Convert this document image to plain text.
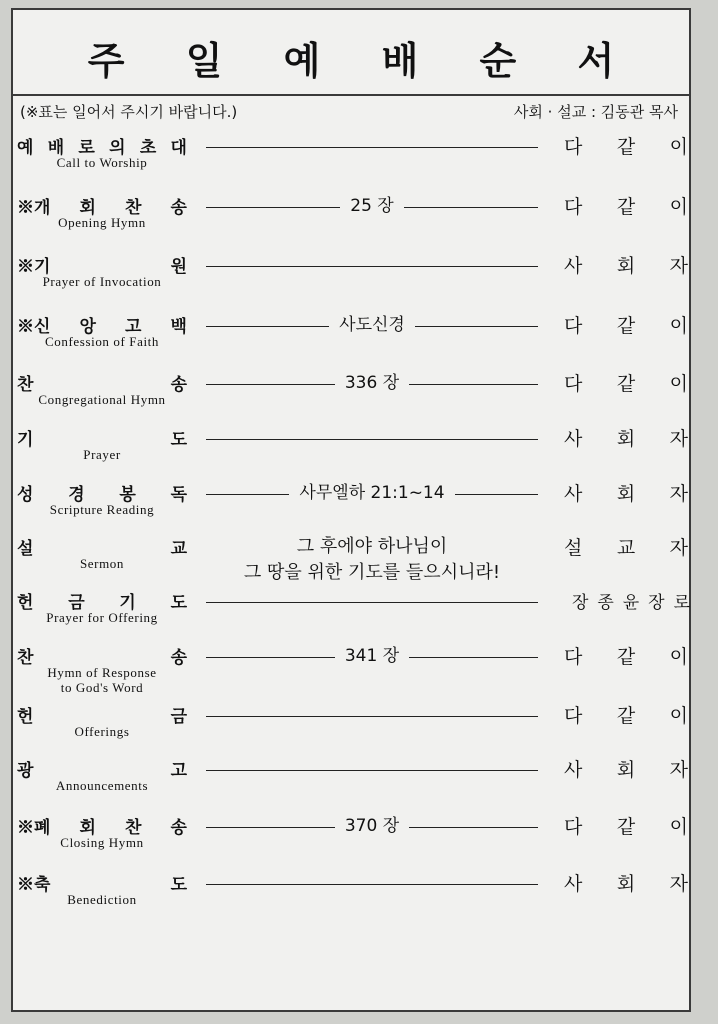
주 일 예 배 순 서
(※표는 일어서 주시기 바랍니다.)	사회 · 설교 : 김동관 목사
예 배 로 의 초 대
Call to Worship
다 같 이
※개 회 찬 송
Opening Hymn
25 장	다 같 이
※기	원
Prayer of Invocation
사 회 자
※신 앙 고 백
Confession of Faith
사도신경	다 같 이
찬	송
Congregational Hymn
336 장	다 같 이
기	도
Prayer
사 회 자
성 경 봉 독
Scripture Reading
사무엘하 21:1~14	사 회 자
설	교
Sermon
그 후에야 하나님이
그 땅을 위한 기도를 들으시니라!
설 교 자
헌 금 기 도
Prayer for Offering
장 종 윤 장 로
찬	송
Hymn of Response
to God's Word
341 장	다 같 이
헌	금
Offerings
다 같 이
광	고
Announcements
사 회 자
※폐 회 찬 송
Closing Hymn
370 장	다 같 이
※축	도
Benediction
사 회 자
